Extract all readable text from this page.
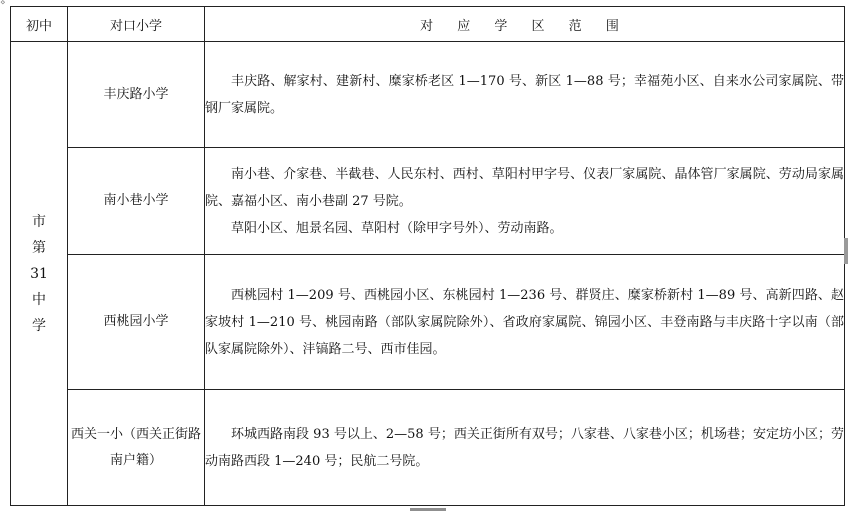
⋄
初中	对口小学	对 应 学 区 范 围

市
第
31
中
学	丰庆路小学	丰庆路、解家村、建新村、糜家桥老区 1—170 号、新区 1—88 号；幸福苑小区、自来水公司家属院、带钢厂家属院。

	南小巷小学	南小巷、介家巷、半截巷、人民东村、西村、草阳村甲字号、仪表厂家属院、晶体管厂家属院、劳动局家属院、嘉福小区、南小巷副 27 号院。

草阳小区、旭景名园、草阳村（除甲字号外）、劳动南路。

	西桃园小学	西桃园村 1—209 号、西桃园小区、东桃园村 1—236 号、群贤庄、糜家桥新村 1—89 号、高新四路、赵家坡村 1—210 号、桃园南路（部队家属院除外）、省政府家属院、锦园小区、丰登南路与丰庆路十字以南（部队家属院除外）、沣镐路二号、西市佳园。

	西关一小（西关正街路南户籍）	环城西路南段 93 号以上、2—58 号；西关正街所有双号；八家巷、八家巷小区；机场巷；安定坊小区；劳动南路西段 1—240 号；民航二号院。
